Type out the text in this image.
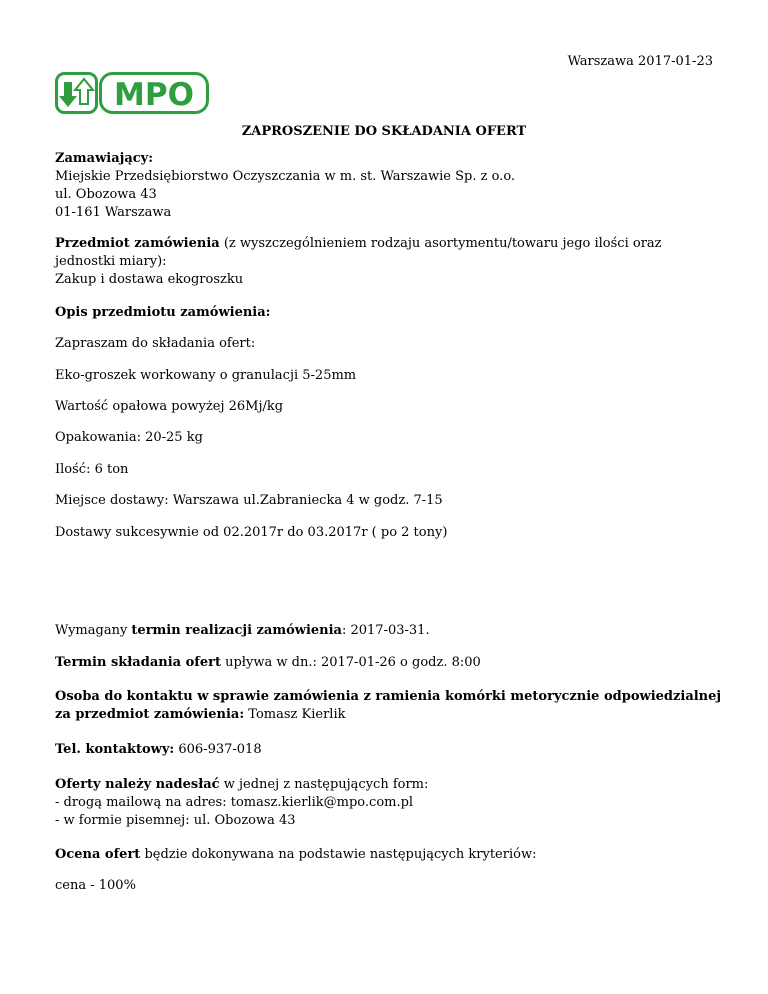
Warszawa 2017-01-23
MPO
ZAPROSZENIE DO SKŁADANIA OFERT
Zamawiający:
Miejskie Przedsiębiorstwo Oczyszczania w m. st. Warszawie Sp. z o.o.
ul. Obozowa 43
01-161 Warszawa
Przedmiot zamówienia (z wyszczególnieniem rodzaju asortymentu/towaru jego ilości oraz
jednostki miary):
Zakup i dostawa ekogroszku
Opis przedmiotu zamówienia:
Zapraszam do składania ofert:
Eko-groszek workowany o granulacji 5-25mm
Wartość opałowa powyżej 26Mj/kg
Opakowania: 20-25 kg
Ilość: 6 ton
Miejsce dostawy: Warszawa ul.Zabraniecka 4 w godz. 7-15
Dostawy sukcesywnie od 02.2017r do 03.2017r ( po 2 tony)
Wymagany termin realizacji zamówienia: 2017-03-31.
Termin składania ofert upływa w dn.: 2017-01-26 o godz. 8:00
Osoba do kontaktu w sprawie zamówienia z ramienia komórki metorycznie odpowiedzialnej
za przedmiot zamówienia: Tomasz Kierlik
Tel. kontaktowy: 606-937-018
Oferty należy nadesłać w jednej z następujących form:
- drogą mailową na adres: tomasz.kierlik@mpo.com.pl
- w formie pisemnej: ul. Obozowa 43
Ocena ofert będzie dokonywana na podstawie następujących kryteriów:
cena - 100%
